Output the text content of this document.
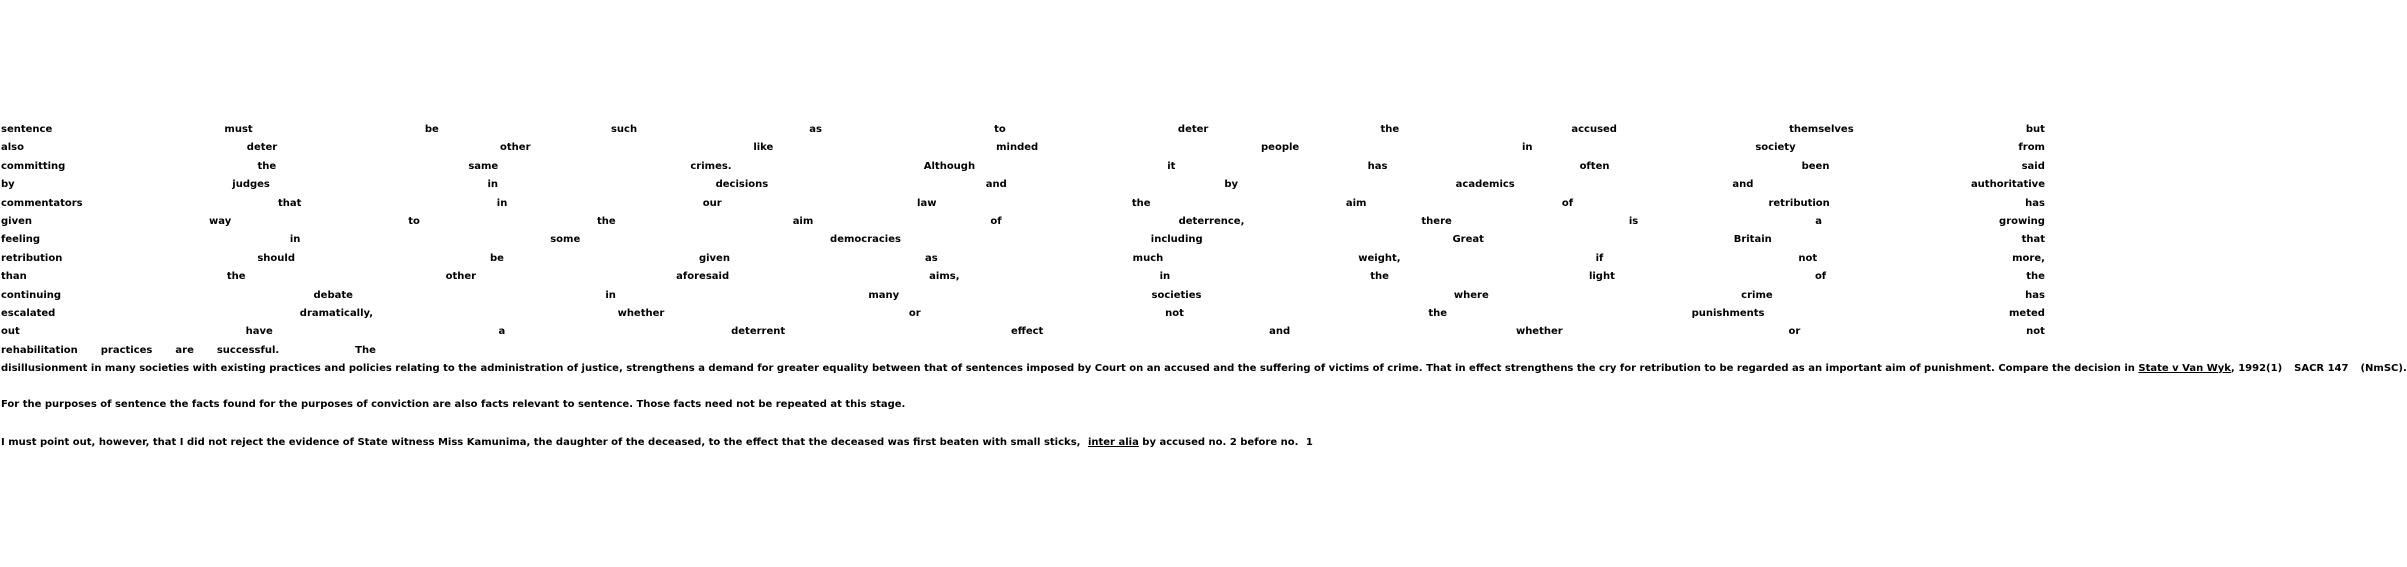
sentence	must	be	such	as	to	deter	the	accused	themselves	but
also	deter	other	like	minded	people	in	society	from
committing	the	same	crimes.	Although	it	has	often	been	said
by	judges	in	decisions	and	by	academics	and	authoritative
commentators	that	in	our	law	the	aim	of	retribution	has
given	way	to	the	aim	of	deterrence,	there	is	a	growing
feeling	in	some	democracies	including	Great	Britain	that
retribution	should	be	given	as	much	weight,	if	not	more,
than	the	other	aforesaid	aims,	in	the	light	of	the
continuing	debate	in	many	societies	where	crime	has
escalated	dramatically,	whether	or	not	the	punishments	meted
out	have	a	deterrent	effect	and	whether	or	not
rehabilitation practices are successful.	The
disillusionment in many societies with existing practices and policies relating to the administration of justice, strengthens a demand for greater equality between that of sentences imposed by Court on an accused and the suffering of victims of crime. That in effect strengthens the cry for retribution to be regarded as an important aim of punishment. Compare the decision in State v Van Wyk, 1992(1) SACR 147 (NmSC).
For the purposes of sentence the facts found for the purposes of conviction are also facts relevant to sentence. Those facts need not be repeated at this stage.
I must point out, however, that I did not reject the evidence of State witness Miss Kamunima, the daughter of the deceased, to the effect that the deceased was first beaten with small sticks, inter alia by accused no. 2 before no. 1
